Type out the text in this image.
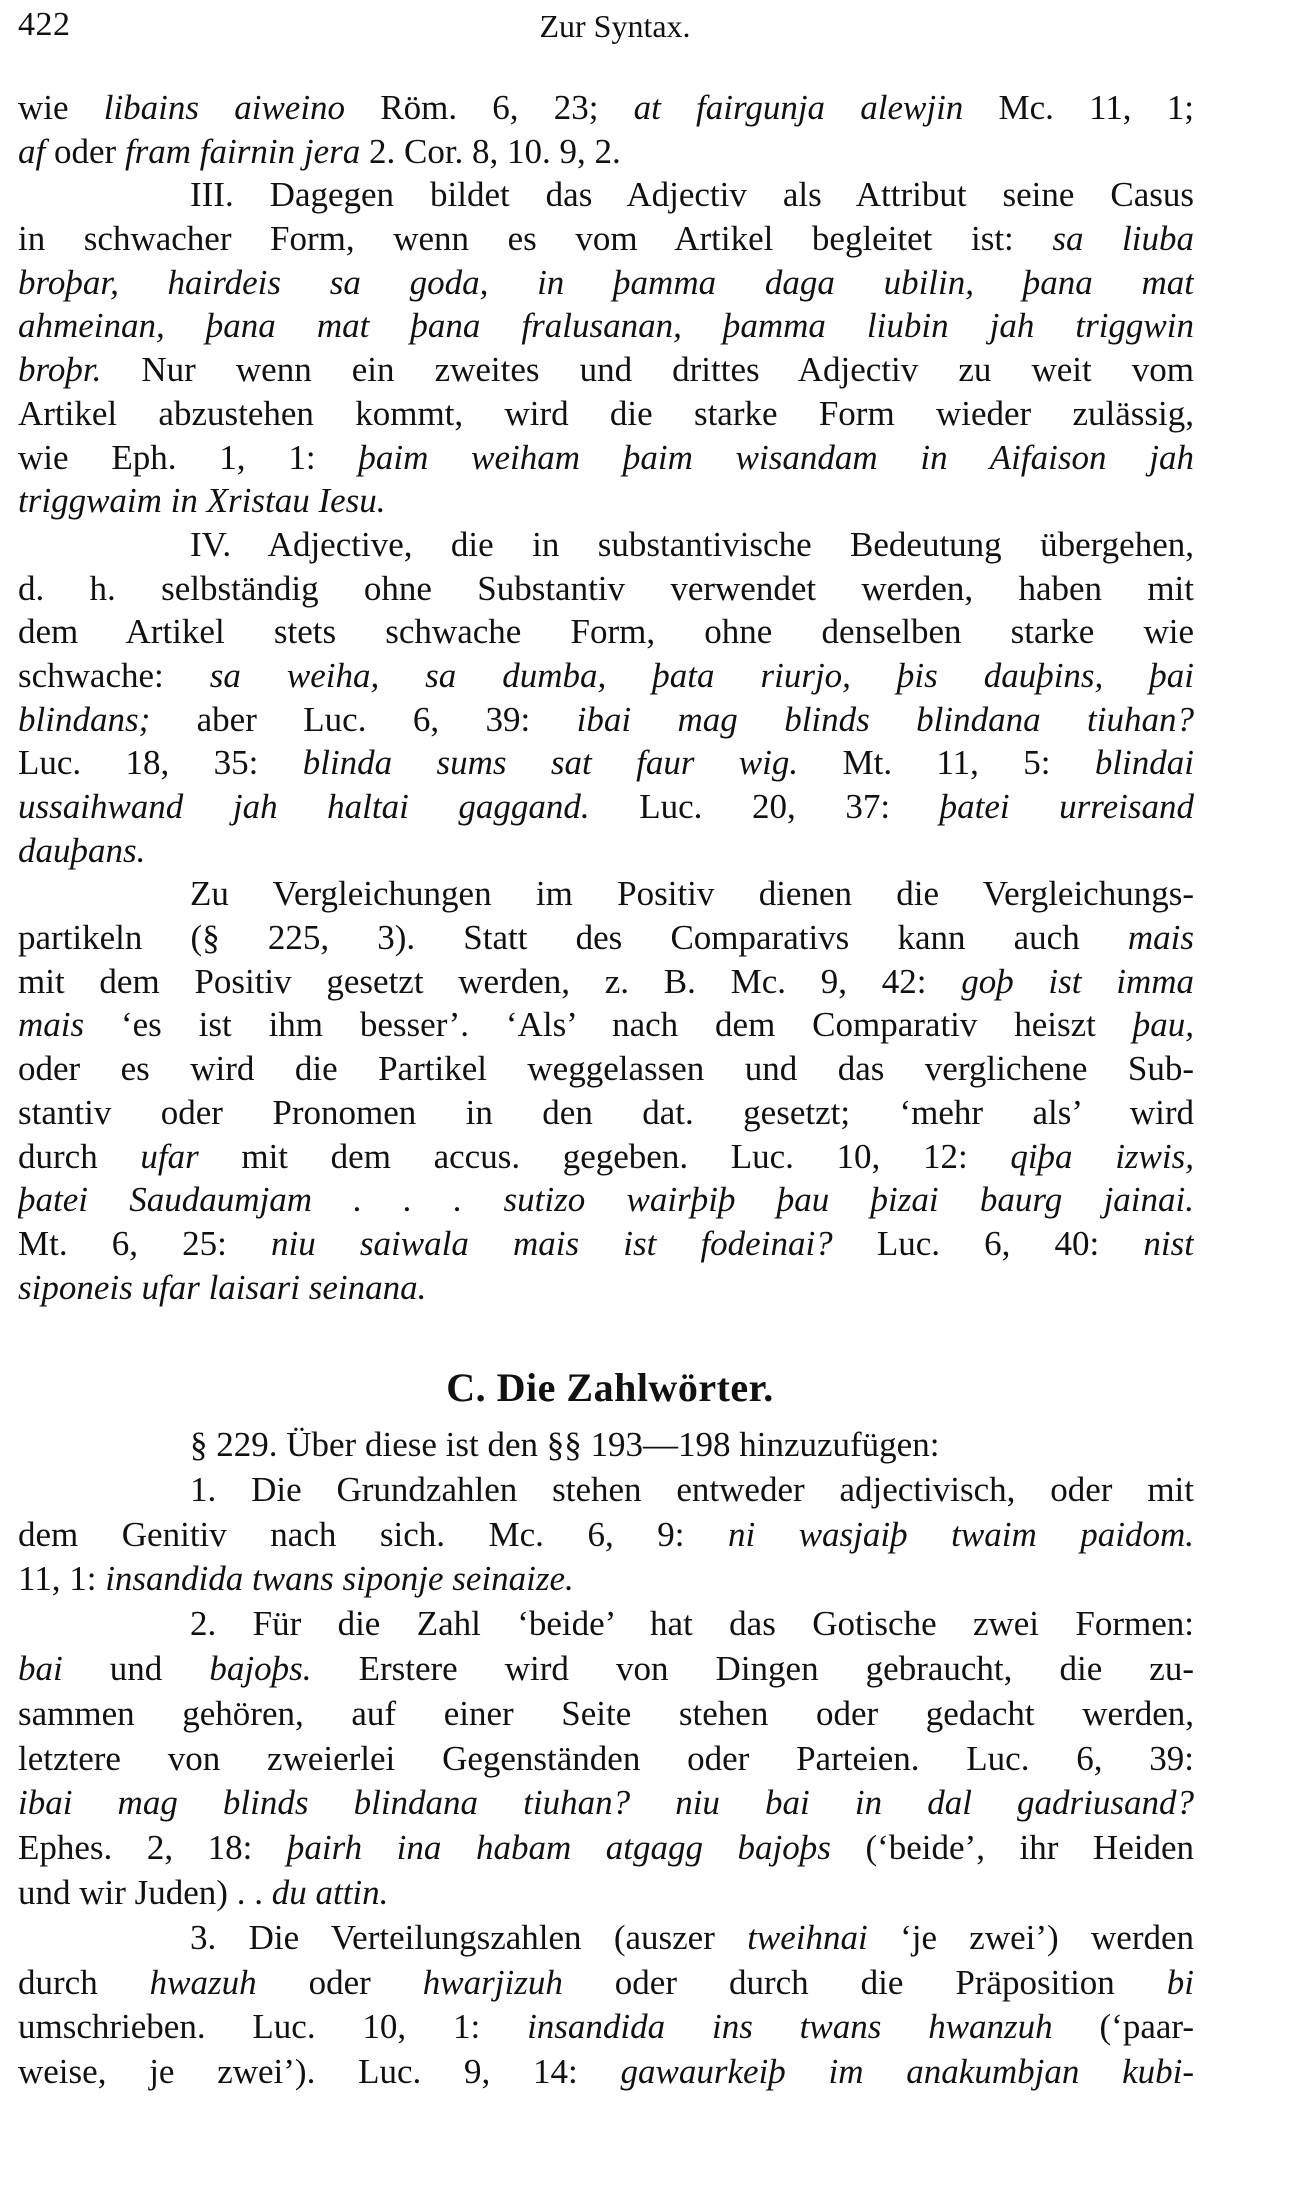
422	Zur Syntax.
wie libains aiweino Röm. 6, 23; at fairgunja alewjin Mc. 11, 1;
af oder fram fairnin jera 2. Cor. 8, 10. 9, 2.
III. Dagegen bildet das Adjectiv als Attribut seine Casus
in schwacher Form, wenn es vom Artikel begleitet ist: sa liuba
broþar, hairdeis sa goda, in þamma daga ubilin, þana mat
ahmeinan, þana mat þana fralusanan, þamma liubin jah triggwin
broþr. Nur wenn ein zweites und drittes Adjectiv zu weit vom
Artikel abzustehen kommt, wird die starke Form wieder zulässig,
wie Eph. 1, 1: þaim weiham þaim wisandam in Aifaison jah
triggwaim in Xristau Iesu.
IV. Adjective, die in substantivische Bedeutung übergehen,
d. h. selbständig ohne Substantiv verwendet werden, haben mit
dem Artikel stets schwache Form, ohne denselben starke wie
schwache: sa weiha, sa dumba, þata riurjo, þis dauþins, þai
blindans; aber Luc. 6, 39: ibai mag blinds blindana tiuhan?
Luc. 18, 35: blinda sums sat faur wig. Mt. 11, 5: blindai
ussaihwand jah haltai gaggand. Luc. 20, 37: þatei urreisand
dauþans.
Zu Vergleichungen im Positiv dienen die Vergleichungs-
partikeln (§ 225, 3). Statt des Comparativs kann auch mais
mit dem Positiv gesetzt werden, z. B. Mc. 9, 42: goþ ist imma
mais ‘es ist ihm besser’. ‘Als’ nach dem Comparativ heiszt þau,
oder es wird die Partikel weggelassen und das verglichene Sub-
stantiv oder Pronomen in den dat. gesetzt; ‘mehr als’ wird
durch ufar mit dem accus. gegeben. Luc. 10, 12: qiþa izwis,
þatei Saudaumjam . . . sutizo wairþiþ þau þizai baurg jainai.
Mt. 6, 25: niu saiwala mais ist fodeinai? Luc. 6, 40: nist
siponeis ufar laisari seinana.
C. Die Zahlwörter.
§ 229. Über diese ist den §§ 193—198 hinzuzufügen:
1. Die Grundzahlen stehen entweder adjectivisch, oder mit
dem Genitiv nach sich. Mc. 6, 9: ni wasjaiþ twaim paidom.
11, 1: insandida twans siponje seinaize.
2. Für die Zahl ‘beide’ hat das Gotische zwei Formen:
bai und bajoþs. Erstere wird von Dingen gebraucht, die zu-
sammen gehören, auf einer Seite stehen oder gedacht werden,
letztere von zweierlei Gegenständen oder Parteien. Luc. 6, 39:
ibai mag blinds blindana tiuhan? niu bai in dal gadriusand?
Ephes. 2, 18: þairh ina habam atgagg bajoþs (‘beide’, ihr Heiden
und wir Juden) . . du attin.
3. Die Verteilungszahlen (auszer tweihnai ‘je zwei’) werden
durch hwazuh oder hwarjizuh oder durch die Präposition bi
umschrieben. Luc. 10, 1: insandida ins twans hwanzuh (‘paar-
weise, je zwei’). Luc. 9, 14: gawaurkeiþ im anakumbjan kubi-
